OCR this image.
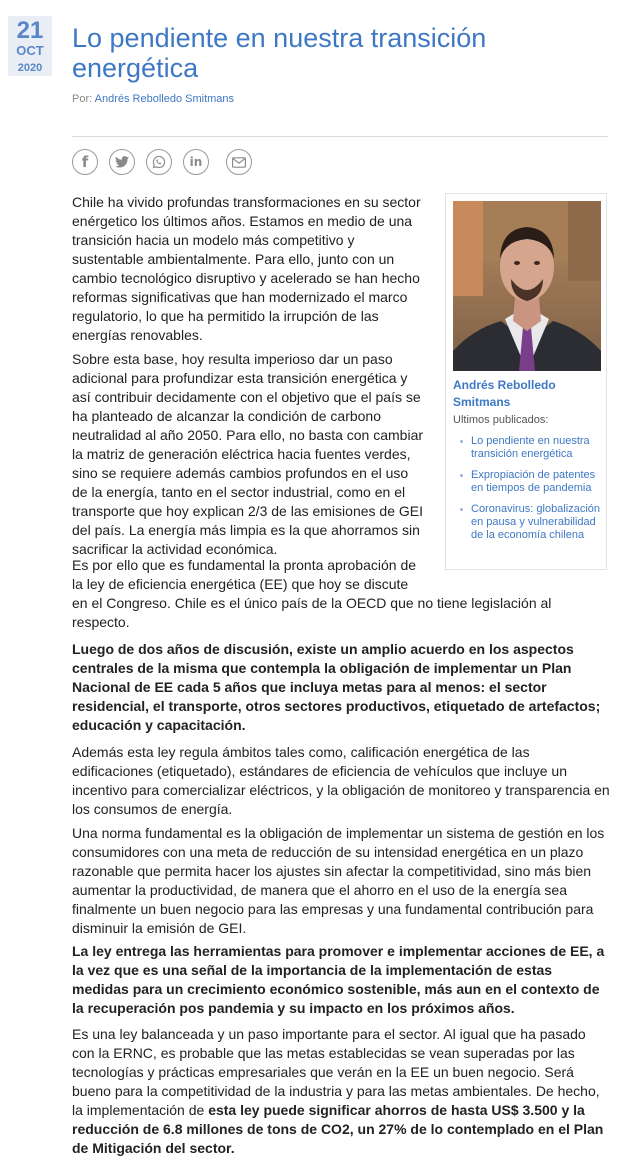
21
OCT
2020
Lo pendiente en nuestra transición energética
Por: Andrés Rebolledo Smitmans
f	in
Andrés Rebolledo Smitmans
Ultimos publicados:
Lo pendiente en nuestra transición energética
Expropiación de patentes en tiempos de pandemia
Coronavirus: globalización en pausa y vulnerabilidad de la economía chilena

Chile ha vivido profundas transformaciones en su sector enérgetico los últimos años. Estamos en medio de una transición hacia un modelo más competitivo y sustentable ambientalmente. Para ello, junto con un cambio tecnológico disruptivo y acelerado se han hecho reformas significativas que han modernizado el marco regulatorio, lo que ha permitido la irrupción de las energías renovables.

Sobre esta base, hoy resulta imperioso dar un paso adicional para profundizar esta transición energética y así contribuir decidamente con el objetivo que el país se ha planteado de alcanzar la condición de carbono neutralidad al año 2050. Para ello, no basta con cambiar la matriz de generación eléctrica hacia fuentes verdes, sino se requiere además cambios profundos en el uso de la energía, tanto en el sector industrial, como en el transporte que hoy explican 2/3 de las emisiones de GEI del país. La energía más limpia es la que ahorramos sin sacrificar la actividad económica.

Es por ello que es fundamental la pronta aprobación de la ley de eficiencia energética (EE) que hoy se discute

en el Congreso. Chile es el único país de la OECD que no tiene legislación al respecto.

Luego de dos años de discusión, existe un amplio acuerdo en los aspectos centrales de la misma que contempla la obligación de implementar un Plan Nacional de EE cada 5 años que incluya metas para al menos: el sector residencial, el transporte, otros sectores productivos, etiquetado de artefactos; educación y capacitación.

Además esta ley regula ámbitos tales como, calificación energética de las edificaciones (etiquetado), estándares de eficiencia de vehículos que incluye un incentivo para comercializar eléctricos, y la obligación de monitoreo y transparencia en los consumos de energía.

Una norma fundamental es la obligación de implementar un sistema de gestión en los consumidores con una meta de reducción de su intensidad energética en un plazo razonable que permita hacer los ajustes sin afectar la competitividad, sino más bien aumentar la productividad, de manera que el ahorro en el uso de la energía sea finalmente un buen negocio para las empresas y una fundamental contribución para disminuir la emisión de GEI.

La ley entrega las herramientas para promover e implementar acciones de EE, a la vez que es una señal de la importancia de la implementación de estas medidas para un crecimiento económico sostenible, más aun en el contexto de la recuperación pos pandemia y su impacto en los próximos años.

Es una ley balanceada y un paso importante para el sector. Al igual que ha pasado con la ERNC, es probable que las metas establecidas se vean superadas por las tecnologías y prácticas empresariales que verán en la EE un buen negocio. Será bueno para la competitividad de la industria y para las metas ambientales. De hecho, la implementación de esta ley puede significar ahorros de hasta US$ 3.500 y la reducción de 6.8 millones de tons de CO2, un 27% de lo contemplado en el Plan de Mitigación del sector.
